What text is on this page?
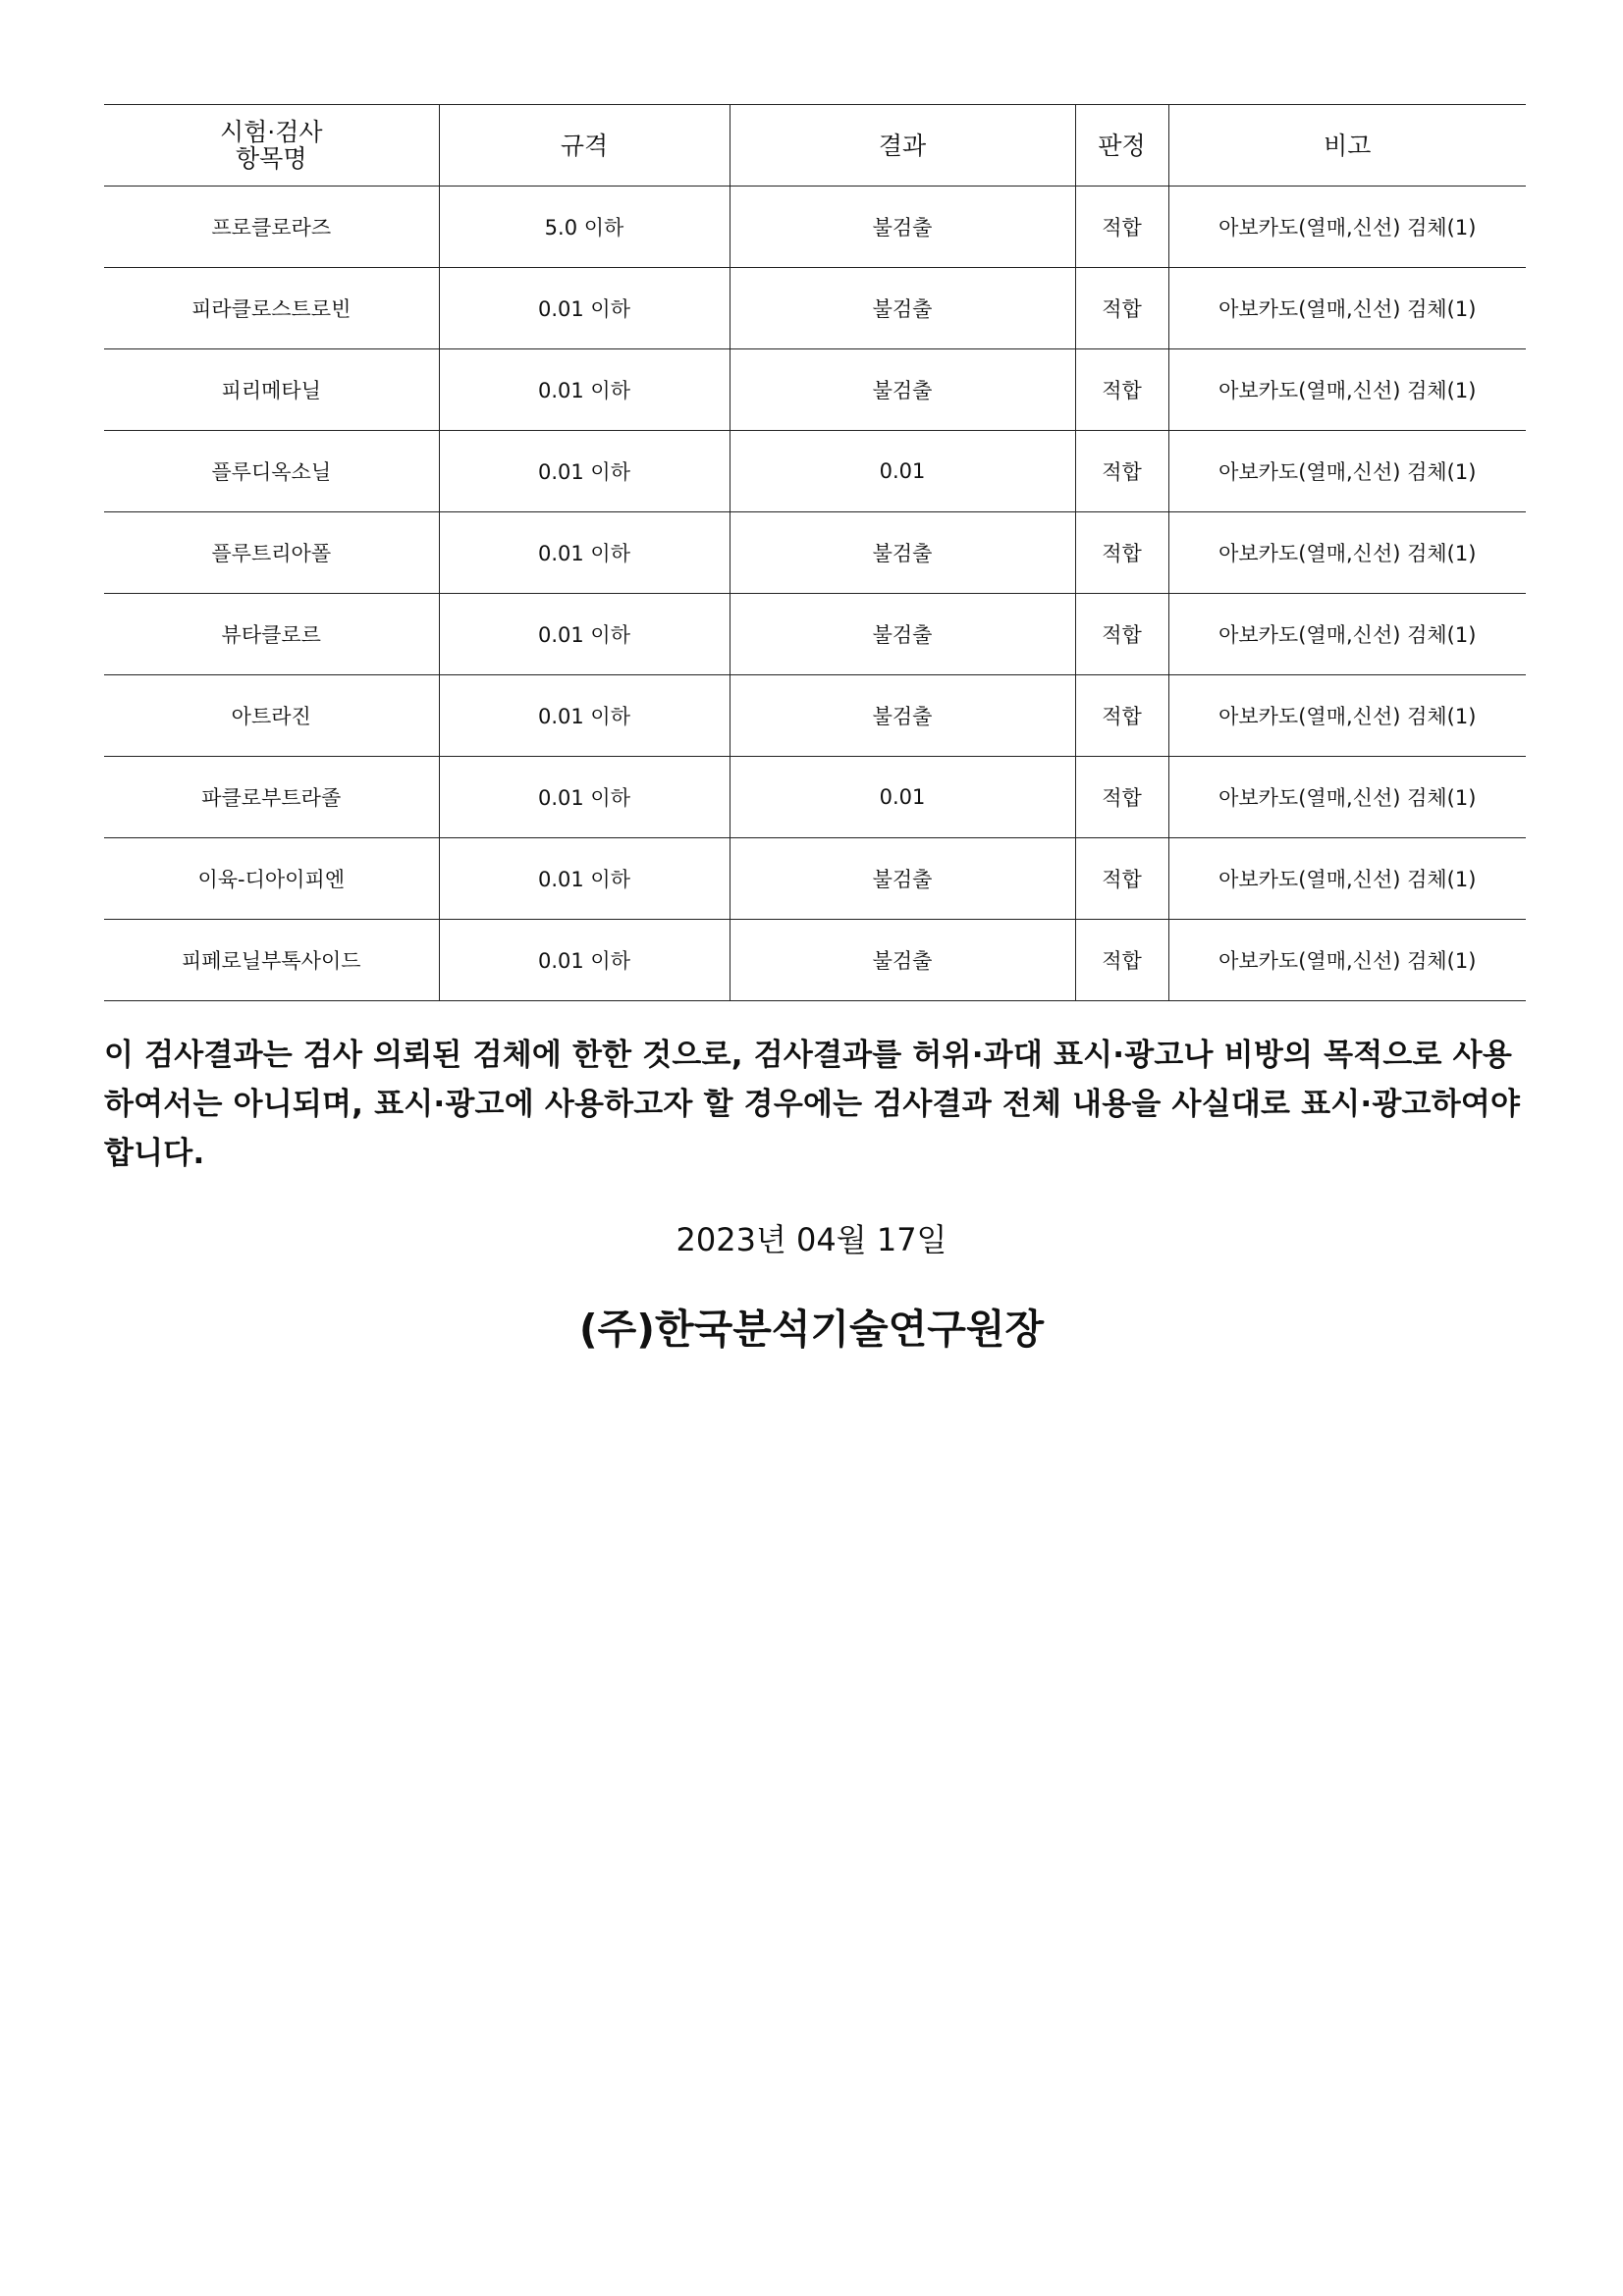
시험·검사
항목명	규격	결과	판정	비고
프로클로라즈	5.0 이하	불검출	적합	아보카도(열매,신선) 검체(1)
피라클로스트로빈	0.01 이하	불검출	적합	아보카도(열매,신선) 검체(1)
피리메타닐	0.01 이하	불검출	적합	아보카도(열매,신선) 검체(1)
플루디옥소닐	0.01 이하	0.01	적합	아보카도(열매,신선) 검체(1)
플루트리아폴	0.01 이하	불검출	적합	아보카도(열매,신선) 검체(1)
뷰타클로르	0.01 이하	불검출	적합	아보카도(열매,신선) 검체(1)
아트라진	0.01 이하	불검출	적합	아보카도(열매,신선) 검체(1)
파클로부트라졸	0.01 이하	0.01	적합	아보카도(열매,신선) 검체(1)
이육-디아이피엔	0.01 이하	불검출	적합	아보카도(열매,신선) 검체(1)
피페로닐부톡사이드	0.01 이하	불검출	적합	아보카도(열매,신선) 검체(1)
이 검사결과는 검사 의뢰된 검체에 한한 것으로, 검사결과를 허위·과대 표시·광고나 비방의 목적으로 사용하여서는 아니되며, 표시·광고에 사용하고자 할 경우에는 검사결과 전체 내용을 사실대로 표시·광고하여야 합니다.
2023년 04월 17일
(주)한국분석기술연구원장
